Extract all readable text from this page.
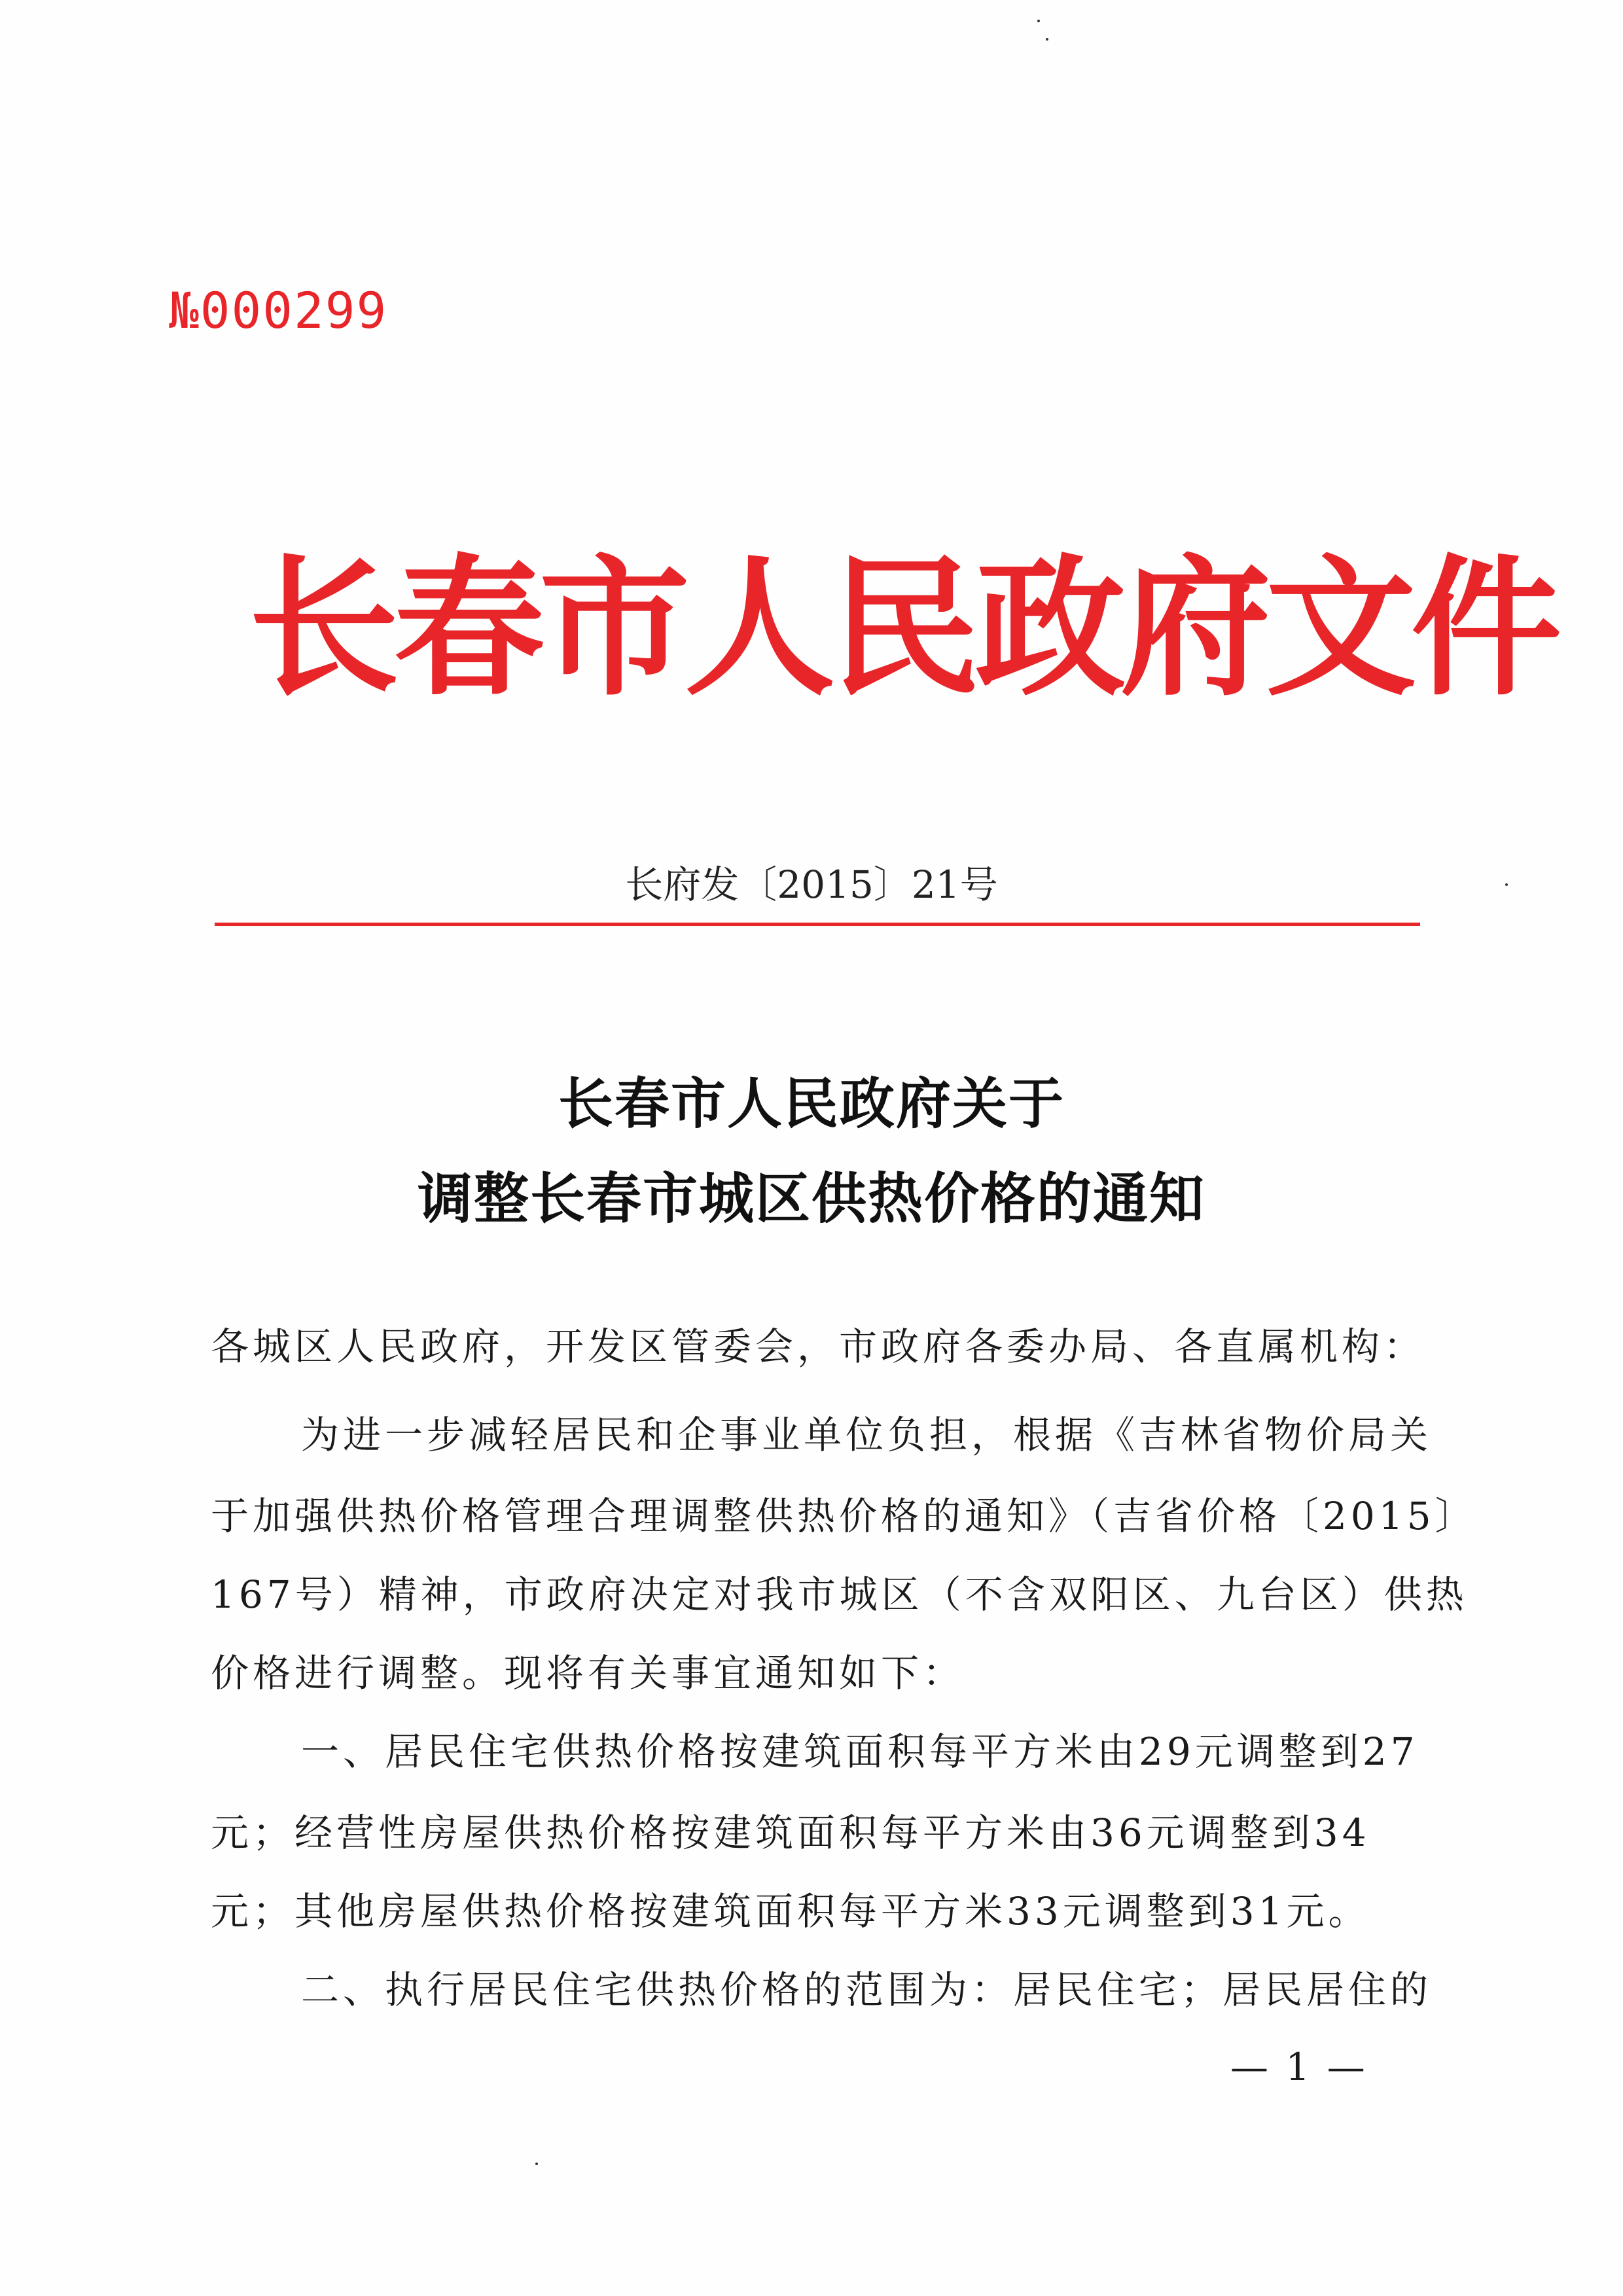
№000299
长春市人民政府文件
长府发〔2015〕21号
长春市人民政府关于
调整长春市城区供热价格的通知
各城区人民政府，开发区管委会，市政府各委办局、各直属机构：
为进一步减轻居民和企事业单位负担，根据《吉林省物价局关
于加强供热价格管理合理调整供热价格的通知》（吉省价格〔2015〕
167号）精神，市政府决定对我市城区（不含双阳区、九台区）供热
价格进行调整。现将有关事宜通知如下：
一、居民住宅供热价格按建筑面积每平方米由29元调整到27
元；经营性房屋供热价格按建筑面积每平方米由36元调整到34
元；其他房屋供热价格按建筑面积每平方米33元调整到31元。
二、执行居民住宅供热价格的范围为：居民住宅；居民居住的
— 1 —
